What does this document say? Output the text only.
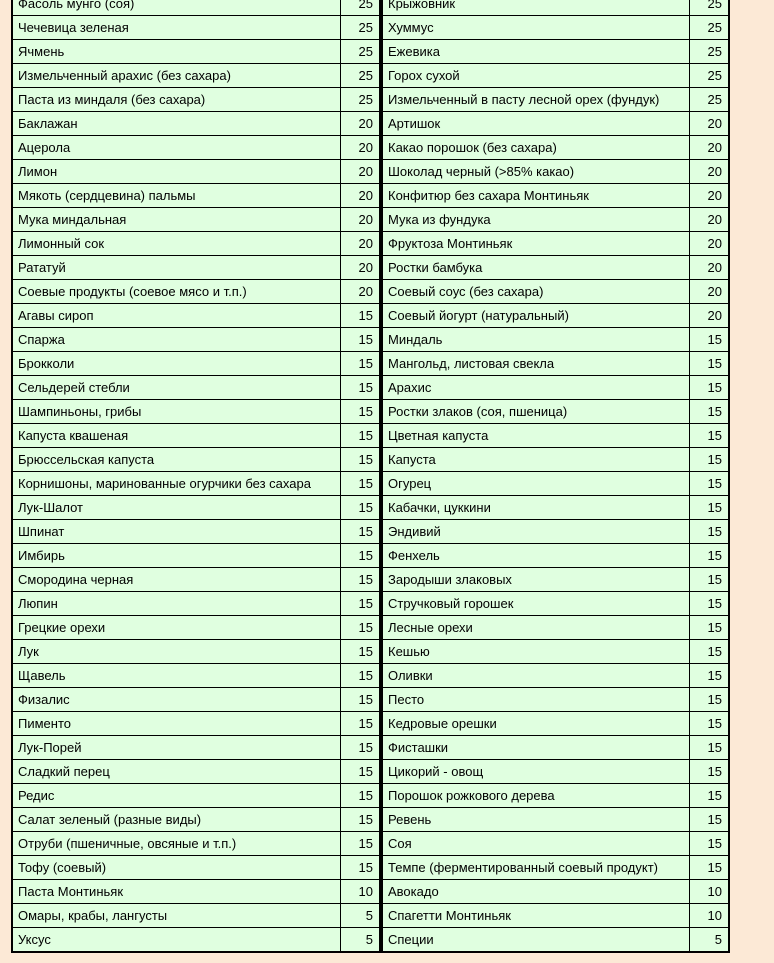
Фасоль мунго (соя)	25
Чечевица зеленая	25
Ячмень	25
Измельченный арахис (без сахара)	25
Паста из миндаля (без сахара)	25
Баклажан	20
Ацерола	20
Лимон	20
Мякоть (сердцевина) пальмы	20
Мука миндальная	20
Лимонный сок	20
Рататуй	20
Соевые продукты (соевое мясо и т.п.)	20
Агавы сироп	15
Спаржа	15
Брокколи	15
Сельдерей стебли	15
Шампиньоны, грибы	15
Капуста квашеная	15
Брюссельская капуста	15
Корнишоны, маринованные огурчики без сахара	15
Лук-Шалот	15
Шпинат	15
Имбирь	15
Смородина черная	15
Люпин	15
Грецкие орехи	15
Лук	15
Щавель	15
Физалис	15
Пименто	15
Лук-Порей	15
Сладкий перец	15
Редис	15
Салат зеленый (разные виды)	15
Отруби (пшеничные, овсяные и т.п.)	15
Тофу (соевый)	15
Паста Монтиньяк	10
Омары, крабы, лангусты	5
Уксус	5
Крыжовник	25
Хуммус	25
Ежевика	25
Горох сухой	25
Измельченный в пасту лесной орех (фундук)	25
Артишок	20
Какао порошок (без сахара)	20
Шоколад черный (>85% какао)	20
Конфитюр без сахара Монтиньяк	20
Мука из фундука	20
Фруктоза Монтиньяк	20
Ростки бамбука	20
Соевый соус (без сахара)	20
Соевый йогурт (натуральный)	20
Миндаль	15
Мангольд, листовая свекла	15
Арахис	15
Ростки злаков (соя, пшеница)	15
Цветная капуста	15
Капуста	15
Огурец	15
Кабачки, цуккини	15
Эндивий	15
Фенхель	15
Зародыши злаковых	15
Стручковый горошек	15
Лесные орехи	15
Кешью	15
Оливки	15
Песто	15
Кедровые орешки	15
Фисташки	15
Цикорий - овощ	15
Порошок рожкового дерева	15
Ревень	15
Соя	15
Темпе (ферментированный соевый продукт)	15
Авокадо	10
Спагетти Монтиньяк	10
Специи	5
